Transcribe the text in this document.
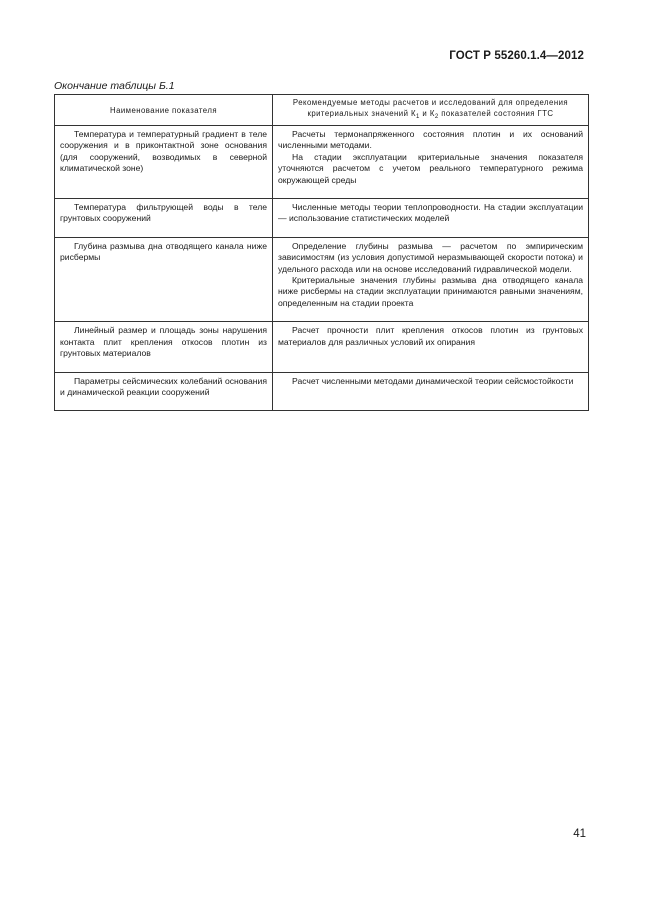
ГОСТ Р 55260.1.4—2012
Окончание таблицы Б.1
Наименование показателя	Рекомендуемые методы расчетов и исследований для определения критериальных значений $К_1$ и $К_2$ показателей состояния ГТС

Температура и температурный градиент в теле сооружения и в приконтактной зоне основания (для сооружений, возводимых в северной климатической зоне)	Расчеты термонапряженного состояния плотин и их оснований численными методами.
На стадии эксплуатации критериальные значения показателя уточняются расчетом с учетом реального температурного режима окружающей среды

Температура фильтрующей воды в теле грунтовых сооружений	Численные методы теории теплопроводности. На стадии эксплуатации — использование статистических моделей

Глубина размыва дна отводящего канала ниже рисбермы	Определение глубины размыва — расчетом по эмпирическим зависимостям (из условия допустимой неразмывающей скорости потока) и удельного расхода или на основе исследований гидравлической модели.
Критериальные значения глубины размыва дна отводящего канала ниже рисбермы на стадии эксплуатации принимаются равными значениям, определенным на стадии проекта

Линейный размер и площадь зоны нарушения контакта плит крепления откосов плотин из грунтовых материалов	Расчет прочности плит крепления откосов плотин из грунтовых материалов для различных условий их опирания

Параметры сейсмических колебаний основания и динамической реакции сооружений	Расчет численными методами динамической теории сейсмостойкости
41
